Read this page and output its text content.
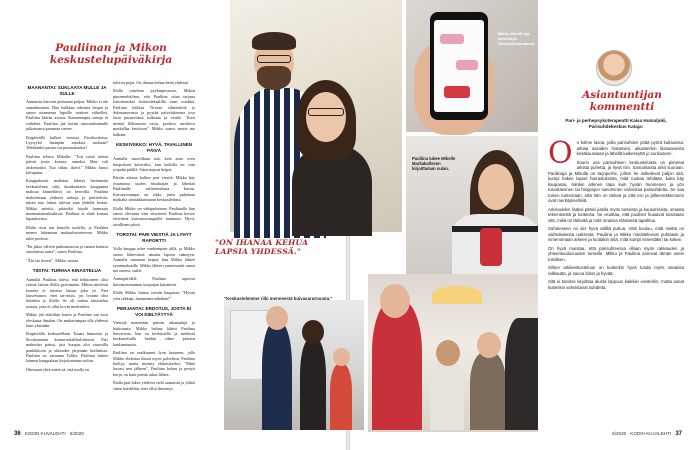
Pauliinan ja Mikon keskustelupäiväkirja
MAANANTAI: SUKLAATA MULLE JA SULLE

Aamuisin harvoin puhutaan paljon. Mikko ei ole aamuihminen. Hän hulkkaa oikeastä heipat ja sanoo ottamensa lapsille vaatteet vähtelleä. Pauliina kiittää avusta. Kummempia sanoja ei vaihdeta. Pauliina jää kotiin saturauksumalle julkaisansa puramaa varten.

Iltapäivällä kulkee viesteja Facebookissa: Lyytyykö Iasanpän aineksia ruokaan? Tehdäänkö pastaa vai pastasalaattia?

Pauliina telaisa Mikolle: "Toit työtä näissä päivät jouto kotona, onneksi Max tuli äiskentoitin. Tuo säkin, ikävä." Mikko huusi kiilupitun.

Kauppakassit matkaan lähteyt heränneitä keskusteluna siitä, kuinkarttaiso kauppaasa maksaa kännellävoi tai kerroilla. Pauliina maksoinaan yhdessä taskuja ja päiviteltiin, miten nuo laskut tulevat aina yhdellä kertaa. Mikko miettii, pitäisikö käydä harmaata maanantaimaksukivat. Pauliina ei ehdä kotona lupauksensa.

Illaltä rivat uut buuolla tuulella, ja Pauliina menee lukemaan makuuhuoneeseen. Mikko tulee perässä.

"En jaksa välvitä puiloamisesta ja sanani kotiasu sanottuista aasia", sanoo Pauliina.

"Älä ota itseesi", Mikko vastaa.

TIISTAI: TURHAA KINASTELUA

Aamulla Pauliina totesa, että tiekkoneen olisi voinut laittaa illalla pyörimään. Mikon mielestä konetta ei tarvitse laittaa joka yö. Pari lauseesanoo, ettei tarvitsisi, jos Ivonna olisi hoidettu jo illalla. Se oli turhaa kinastelua asiasta, joka ei ollut kovin merkittävä.

Mikko jää etätöihin kotiin ja Pauliina saa nooi oleskaisa ilmalan. On mukavampaa olla yhdessä kuin yksinään.

Iltapäivällä keskustellaan Tuuart hinnoista ja Stockmannin kaima-aulalekuliitteistä. Pari mahtuitet pärisä, jota kuopus alot sisaruilla pankikkoon ja oikeuden järjenään kotlimista. Pauliina on varannat Tolilta. Pauliina laskee kännen kauppalaan kirjoittamaan suihin.

Ohessaan yhtä mietä sä, että molla on

talvirat pojat. On ihanaa kehua heitä yhdessä.

Illalla juttelaan pyykinpessusta, Mikon pinoemehäilma, että Pauliina ottaa tarjona kaivehanskia hoitotulekaalilla vaan ostakkä. Pauliina leikkaa Tiivaan silmärättöä ja Suhmanovassa ja pyytää palvelukseena josa lasta puraaviinsä sulkaata ja vettää. "Itsen mennä lihkinuvaa ossia, pookiso uusihova markallaa kestitoon". Mikko sanoo, mutta mo kalkam.

KESKIVIIKKO: HYVÄ, TAVALLINEN PÄIVÄ

Aamulla suravillaan sitä, ketä asua oven kuopoksen kavertiloi, kun kalkilla on vain yripalta pälillä. Siten nopsat heipat.

Päivän aikana kulkee pari viestiä. Mikko käy ostamassa uuden hisuharjan ja lähettää Pauliinalle valitsemiensta kuvan. Kuivaussrumpu on rikki, joten puhutaan matkalta tahtaakkamuuun keskustlelasta.

Illalla Mikko on vähäpuheinen. Pauliinalle hän sanoo olevansa vain väsyneen. Pauliina kertoo etsivänsä kuivaussrumpuille tuutinnot. Hyvä, tavallinen päivä.

TORSTAI: PARI VIESTIÄ JA LYHYT RAPORTTI

Volla kauppa tulee vanhempien tällä, ja Mikko sanoo lähtevänsä nasatta lapsen sääntyyn. Aamulla sanotaan heipat, kun Mikko lähtee ryminnaksaille. Mikko lähtee ryminiraasla sanoa mä onnesi, raalle.

Aamupäivällä Pauliina raportoi kuivausrumumun korjaajan käynnistä.

Illalla Mikko laittaa viestin kaupasta: "Hyvää yötä rakkaat, huomenna nähdään!"

PERJANTAI: ERDOTUS, JOSTA EI VOI KIELTÄYTYÄ

Viestejä menettään päivän aikataulujä ja hiaksausta. Mikko haluaa lähteä Pauliina harvertoaa, hän on keskustella ja mäiöisiä keskusteluillä heidän vilme päivien kuulumiuusta.

Pauliina on malkuunut lyön huoneen, jolle Mikko ehdottaa tilasta myös palvelusn. Pauliina kieltyy, mutta myönty ehdotukseksi, "Minä kuvasi nen jälkeen", Pauliina kehuu ja pestyä korja, on kuin pieniä rakas lähtee.

Illalla pari lukee yhdessä vielä aamuisin ja yllätti sitten hoidellan, ettei ollut ilmennyt.

36 KODIN KUVALEHTI · 5/2020	5/2020 · KODIN KUVALEHTI 37
"ON IHANAA KEHUA LAPSIA YHDESSÄ."
"Keskustelemme riiki menneestä kuivasarurmusta."
Mikko lähetti laji-tervehdys Hesellsiinkaupasta.
Pauliina lukee Mikolle Markakallssen kirjoittaman sulan.
Asiantuntijan kommentti
Pari- ja perhepsykoterapeutti Kaisa Humaljoki, Parisuhdekeskus Kataja:

On kolme lasoa, joilla parisuhtien pitää pyörä kultaoissa: arkiaa asioiden hoitamien, aikaisterkin tilanaavuista kesäkuussaan ja lähellä kaikeseyttä jo sunkuseen.

Suurin osa parisuhteen keskusteluista on pimenat arkista puhetta, ja hyvä niin. Samanlaista arkit suoraan. Pauliinaja ja Mikolla on tarjoperhe, jolloin he sulkelevat paljon sitä, kumpi hakee lapset harrasluksista, mitä ruokaa tehdään, kuka käy kaupassa. Niinkin arkinen tapa kuin hyvän huomenen ja yön toivottaminen tai heippojen sanominen vahvistaa parisuhdetta. Se saa toisen tuntemaan, että hän on tärkeä ja että ero ja jälleennäkeminen ovat merkityksellisiä.

Arkisoulden lisäksi pitäisi jutella myös tunteista ja kuulumisista, omasta tekemisestä ja tunteista. Se osoittaa, että puoliset huiaavat toisistaan sitä, mikä on tärkeää ja mitä omassa elämässä tapahtuu.

Suhteeseen on siis hyvä välillä puhua, mitä kuuluu, mitä mieltä on vaihtolaisesta uutisesta. Pauliina ja Mikko mitoitteleevat puhtaasti ja nimenomaan arkeen ja luottakin siitä, mitä kumpi nimestäkin tai kokee.

On hyvä muistaa, että parisuhteessa ollaan myös rakkauden ja yhteenkuuluvuuden tunteille. Mikko ja Pauliina sanovat tämän usein toisilleen.

Siihen arkikeskusteluun on kuitenkin hyvä tuoda myös sanaista rakkautta, ja sanoa kiitos ja hyvää.

Sitä ei tarvitse kirjoittaa alusta loppuun kaikkiin viesteihin, mutta sanat kuitenkin vahvistavat suhdetta.
